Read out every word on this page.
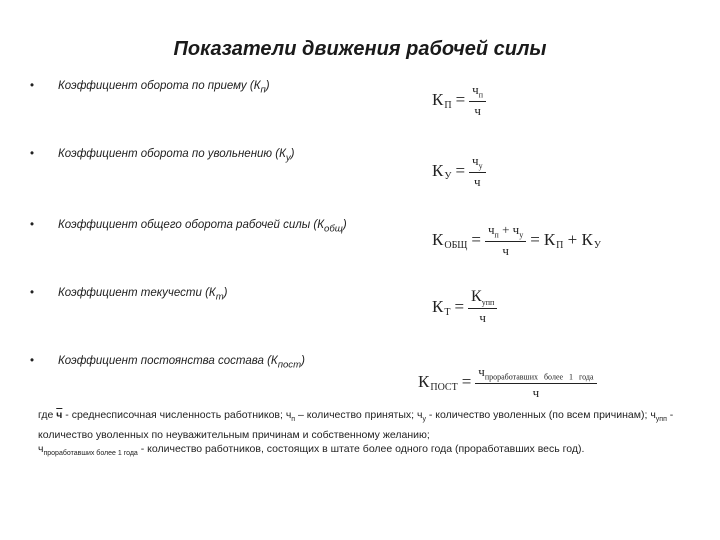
Показатели движения рабочей силы
• Коэффициент оборота по приему $(К_п)$
• Коэффициент оборота по увольнению $(К_у)$
• Коэффициент общего оборота рабочей силы $(К_{общ})$
• Коэффициент текучести $(К_т)$
• Коэффициент постоянства состава $(К_{пост})$
$К_П = \frac{ч_п}{ч}$
$К_У = \frac{ч_у}{ч}$
$К_{ОБЩ} = \frac{ч_п + ч_у}{ч} = К_П + К_У$
$К_Т = \frac{К_{упп}}{ч}$
$К_{ПОСТ} = \frac{ч_{проработавших более 1 года}}{ч}$
где ч - среднесписочная численность работников; $ч_п$ – количество принятых; $ч_у$ - количество уволенных (по всем причинам); $ч_{упп}$ - количество уволенных по неуважительным причинам и собственному желанию;
$ч_{проработавших более 1 года}$ - количество работников, состоящих в штате более одного года (проработавших весь год).
